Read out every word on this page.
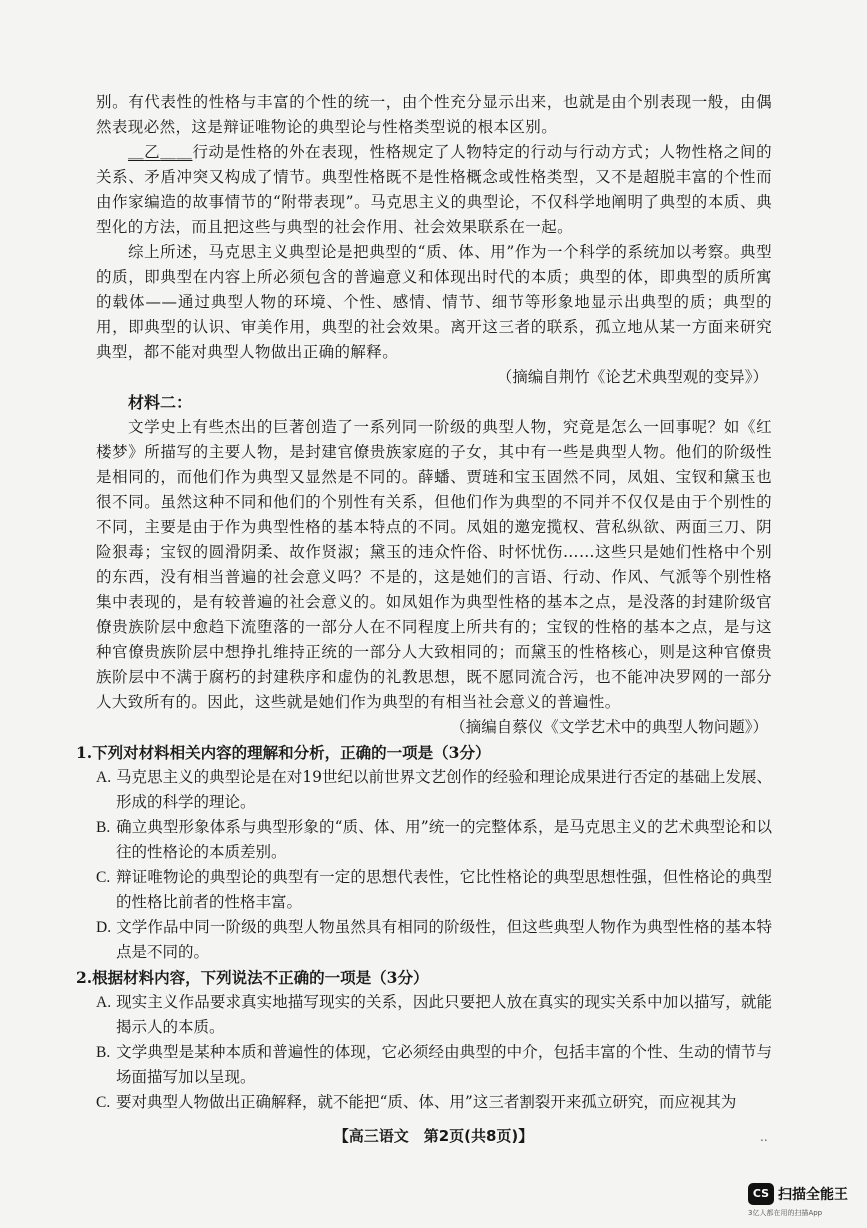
别。有代表性的性格与丰富的个性的统一，由个性充分显示出来，也就是由个别表现一般，由偶然表现必然，这是辩证唯物论的典型论与性格类型说的根本区别。

＿乙＿＿行动是性格的外在表现，性格规定了人物特定的行动与行动方式；人物性格之间的关系、矛盾冲突又构成了情节。典型性格既不是性格概念或性格类型，又不是超脱丰富的个性而由作家编造的故事情节的“附带表现”。马克思主义的典型论，不仅科学地阐明了典型的本质、典型化的方法，而且把这些与典型的社会作用、社会效果联系在一起。

综上所述，马克思主义典型论是把典型的“质、体、用”作为一个科学的系统加以考察。典型的质，即典型在内容上所必须包含的普遍意义和体现出时代的本质；典型的体，即典型的质所寓的载体——通过典型人物的环境、个性、感情、情节、细节等形象地显示出典型的质；典型的用，即典型的认识、审美作用，典型的社会效果。离开这三者的联系，孤立地从某一方面来研究典型，都不能对典型人物做出正确的解释。

（摘编自荆竹《论艺术典型观的变异》）

材料二：

文学史上有些杰出的巨著创造了一系列同一阶级的典型人物，究竟是怎么一回事呢？如《红楼梦》所描写的主要人物，是封建官僚贵族家庭的子女，其中有一些是典型人物。他们的阶级性是相同的，而他们作为典型又显然是不同的。薛蟠、贾琏和宝玉固然不同，凤姐、宝钗和黛玉也很不同。虽然这种不同和他们的个别性有关系，但他们作为典型的不同并不仅仅是由于个别性的不同，主要是由于作为典型性格的基本特点的不同。凤姐的邀宠揽权、营私纵欲、两面三刀、阴险狠毒；宝钗的圆滑阴柔、故作贤淑；黛玉的违众忤俗、时怀忧伤……这些只是她们性格中个别的东西，没有相当普遍的社会意义吗？不是的，这是她们的言语、行动、作风、气派等个别性格集中表现的，是有较普遍的社会意义的。如凤姐作为典型性格的基本之点，是没落的封建阶级官僚贵族阶层中愈趋下流堕落的一部分人在不同程度上所共有的；宝钗的性格的基本之点，是与这种官僚贵族阶层中想挣扎维持正统的一部分人大致相同的；而黛玉的性格核心，则是这种官僚贵族阶层中不满于腐朽的封建秩序和虚伪的礼教思想，既不愿同流合污，也不能冲决罗网的一部分人大致所有的。因此，这些就是她们作为典型的有相当社会意义的普遍性。

（摘编自蔡仪《文学艺术中的典型人物问题》）

1.下列对材料相关内容的理解和分析，正确的一项是（3分）

A. 马克思主义的典型论是在对19世纪以前世界文艺创作的经验和理论成果进行否定的基础上发展、形成的科学的理论。

B. 确立典型形象体系与典型形象的“质、体、用”统一的完整体系，是马克思主义的艺术典型论和以往的性格论的本质差别。

C. 辩证唯物论的典型论的典型有一定的思想代表性，它比性格论的典型思想性强，但性格论的典型的性格比前者的性格丰富。

D. 文学作品中同一阶级的典型人物虽然具有相同的阶级性，但这些典型人物作为典型性格的基本特点是不同的。

2.根据材料内容，下列说法不正确的一项是（3分）

A. 现实主义作品要求真实地描写现实的关系，因此只要把人放在真实的现实关系中加以描写，就能揭示人的本质。

B. 文学典型是某种本质和普遍性的体现，它必须经由典型的中介，包括丰富的个性、生动的情节与场面描写加以呈现。

C. 要对典型人物做出正确解释，就不能把“质、体、用”这三者割裂开来孤立研究，而应视其为

【高三语文　第2页(共8页)】	..
CS 扫描全能王
3亿人都在用的扫描App
